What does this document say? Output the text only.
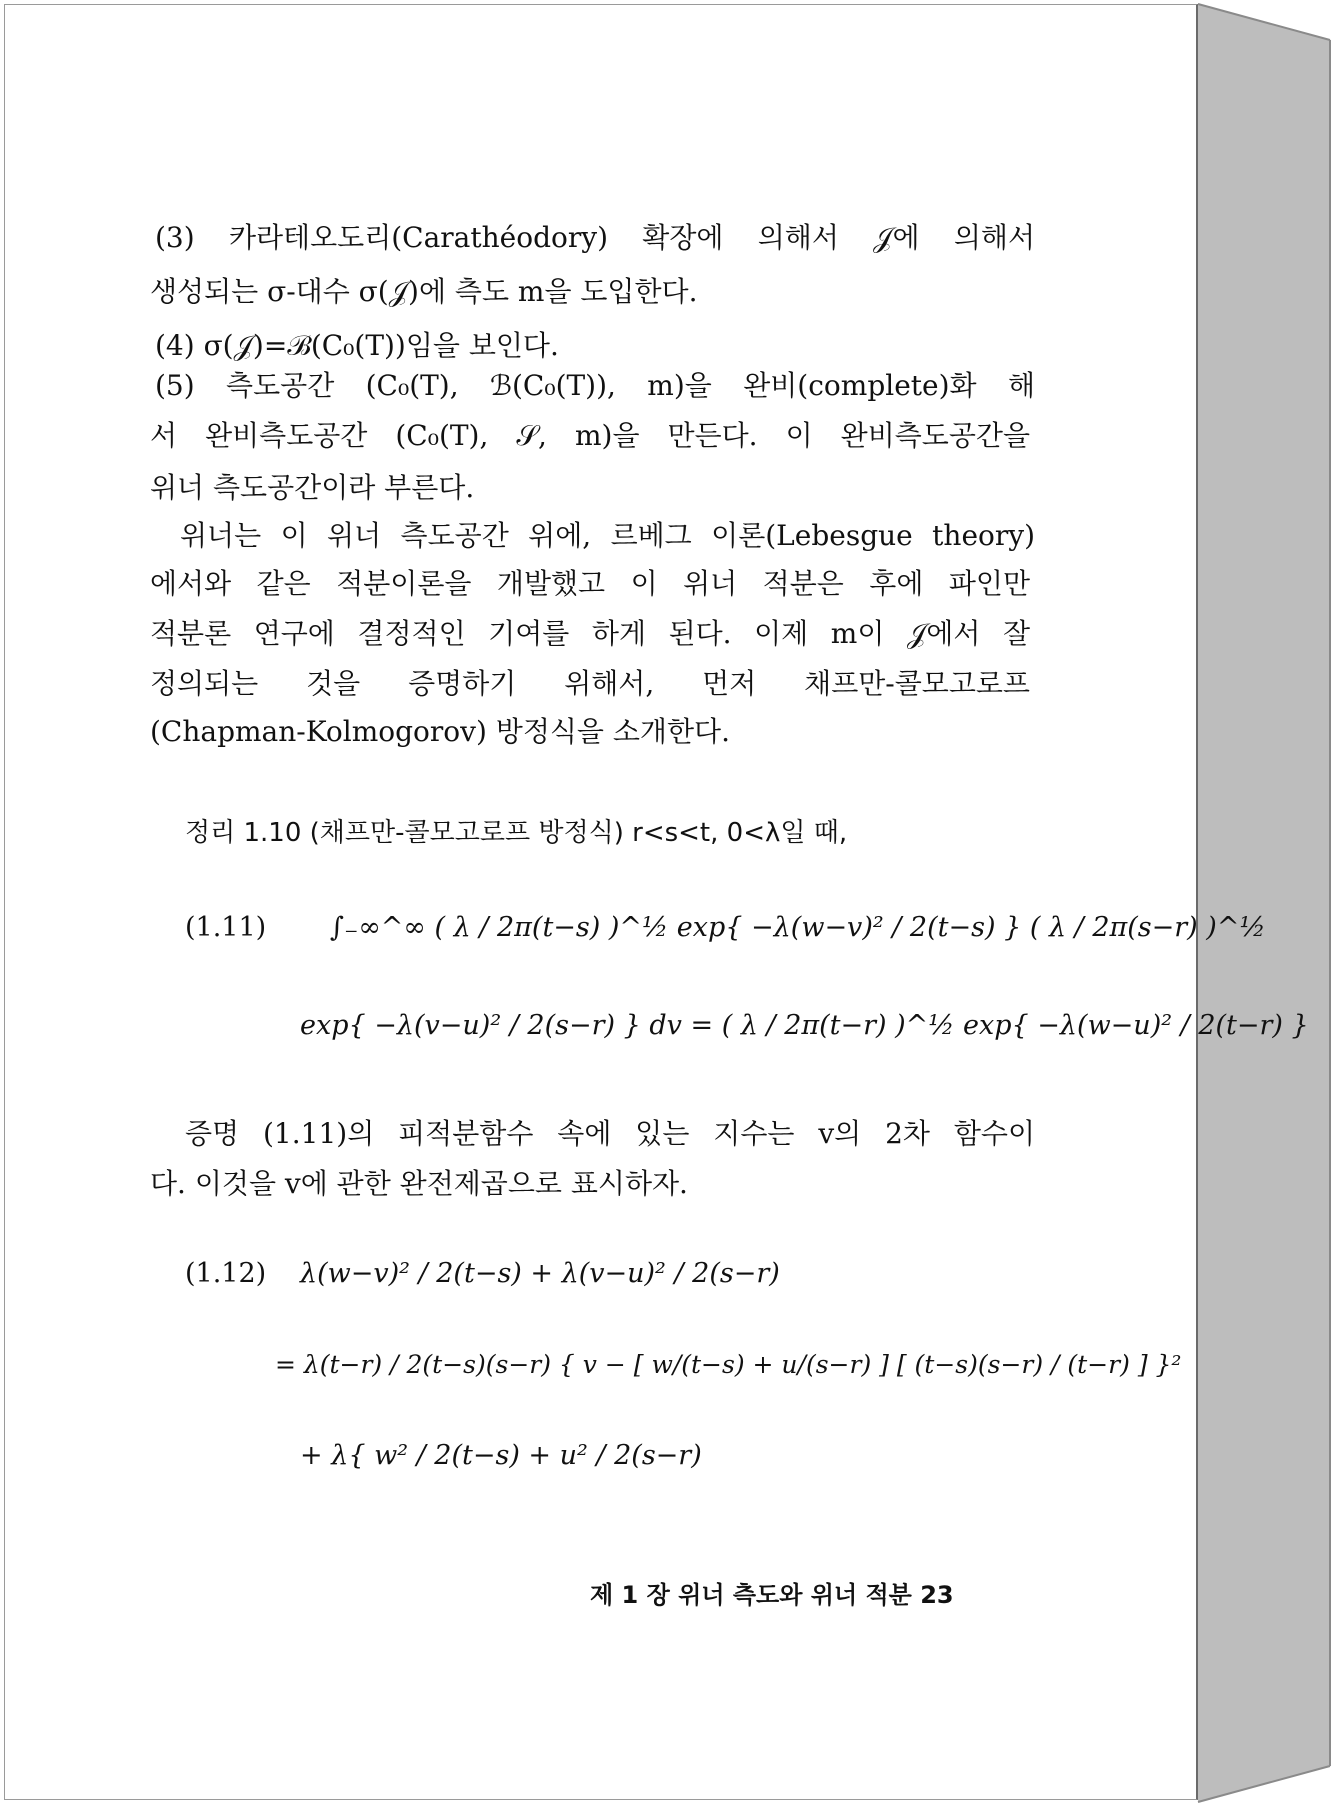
(3) 카라테오도리(Carathéodory) 확장에 의해서 𝒥에 의해서
생성되는 σ-대수 σ(𝒥)에 측도 m을 도입한다.
(4) σ(𝒥)=ℬ(C₀(T))임을 보인다.
(5) 측도공간 (C₀(T), ℬ(C₀(T)), m)을 완비(complete)화 해
서 완비측도공간 (C₀(T), 𝒮, m)을 만든다. 이 완비측도공간을
위너 측도공간이라 부른다.
위너는 이 위너 측도공간 위에, 르베그 이론(Lebesgue theory)
에서와 같은 적분이론을 개발했고 이 위너 적분은 후에 파인만
적분론 연구에 결정적인 기여를 하게 된다. 이제 m이 𝒥에서 잘
정의되는 것을 증명하기 위해서, 먼저 채프만-콜모고로프
(Chapman-Kolmogorov) 방정식을 소개한다.
정리 1.10 (채프만-콜모고로프 방정식) r<s<t, 0<λ일 때,
(1.11) ∫₋∞^∞ ( λ / 2π(t−s) )^½ exp{ −λ(w−v)² / 2(t−s) } ( λ / 2π(s−r) )^½
exp{ −λ(v−u)² / 2(s−r) } dv = ( λ / 2π(t−r) )^½ exp{ −λ(w−u)² / 2(t−r) }
증명 (1.11)의 피적분함수 속에 있는 지수는 v의 2차 함수이
다. 이것을 v에 관한 완전제곱으로 표시하자.
(1.12) λ(w−v)² / 2(t−s) + λ(v−u)² / 2(s−r)
= λ(t−r) / 2(t−s)(s−r) { v − [ w/(t−s) + u/(s−r) ] [ (t−s)(s−r) / (t−r) ] }²
+ λ{ w² / 2(t−s) + u² / 2(s−r)
제 1 장 위너 측도와 위너 적분 23
